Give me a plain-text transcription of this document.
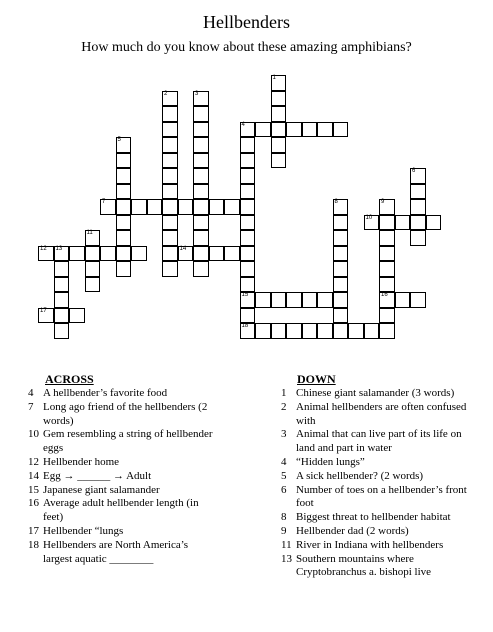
Hellbenders
How much do you know about these amazing amphibians?
4
7
10
12 13	14
15	16
17
18
1
2	3
5
6
8	9
11
ACROSS
4 A hellbender’s favorite food
7 Long ago friend of the hellbenders (2 words)
10 Gem resembling a string of hellbender eggs
12 Hellbender home
14 Egg → ______ → Adult
15 Japanese giant salamander
16 Average adult hellbender length (in feet)
17 Hellbender “lungs
18 Hellbenders are North America’s largest aquatic ________
DOWN
1 Chinese giant salamander (3 words)
2 Animal hellbenders are often confused with
3 Animal that can live part of its life on land and part in water
4 “Hidden lungs”
5 A sick hellbender? (2 words)
6 Number of toes on a hellbender’s front foot
8 Biggest threat to hellbender habitat
9 Hellbender dad (2 words)
11 River in Indiana with hellbenders
13 Southern mountains where Cryptobranchus a. bishopi live
